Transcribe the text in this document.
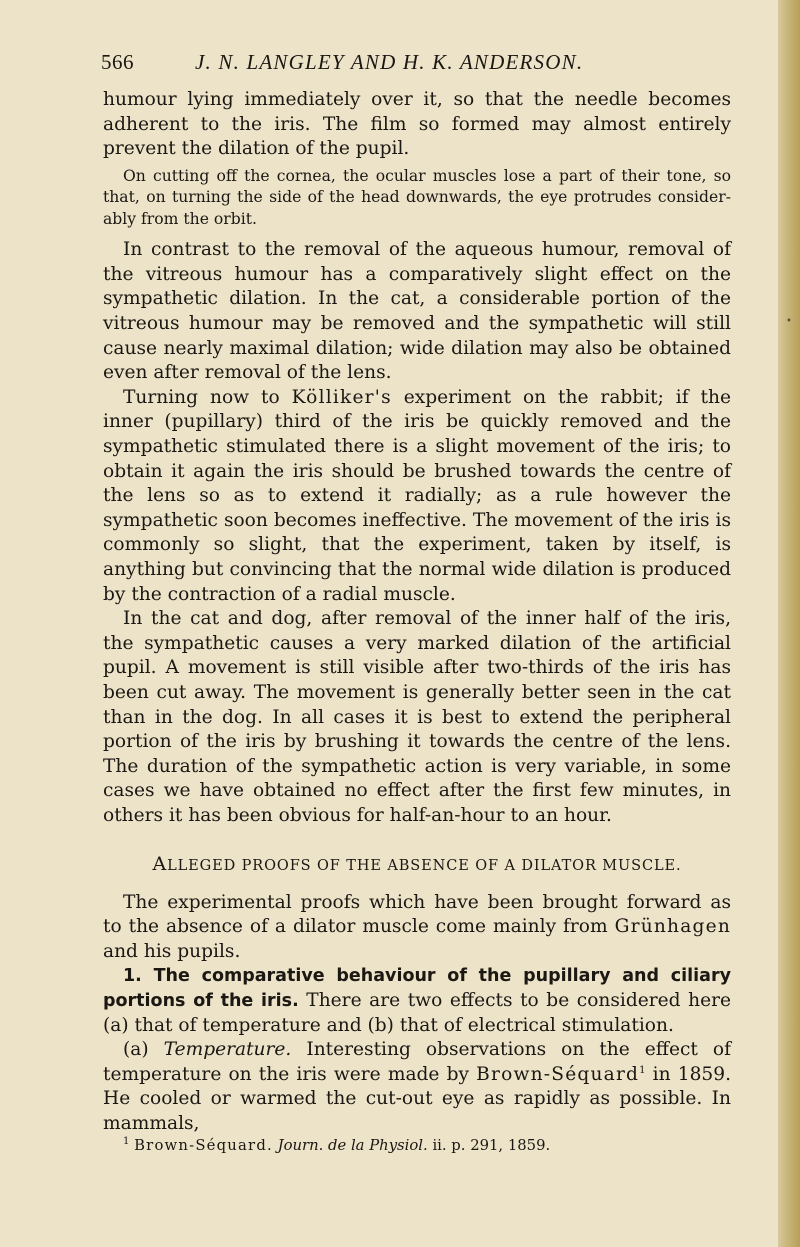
•
566	J. N. LANGLEY AND H. K. ANDERSON.

humour lying immediately over it, so that the needle becomes adherent to the iris. The film so formed may almost entirely prevent the dilation of the pupil.

On cutting off the cornea, the ocular muscles lose a part of their tone, so that, on turning the side of the head downwards, the eye protrudes considerably from the orbit.

In contrast to the removal of the aqueous humour, removal of the vitreous humour has a comparatively slight effect on the sympathetic dilation. In the cat, a considerable portion of the vitreous humour may be removed and the sympathetic will still cause nearly maximal dilation; wide dilation may also be obtained even after removal of the lens.

Turning now to Kölliker's experiment on the rabbit; if the inner (pupillary) third of the iris be quickly removed and the sympathetic stimulated there is a slight movement of the iris; to obtain it again the iris should be brushed towards the centre of the lens so as to extend it radially; as a rule however the sympathetic soon becomes ineffective. The movement of the iris is commonly so slight, that the experiment, taken by itself, is anything but convincing that the normal wide dilation is produced by the contraction of a radial muscle.

In the cat and dog, after removal of the inner half of the iris, the sympathetic causes a very marked dilation of the artificial pupil. A movement is still visible after two-thirds of the iris has been cut away. The movement is generally better seen in the cat than in the dog. In all cases it is best to extend the peripheral portion of the iris by brushing it towards the centre of the lens. The duration of the sympathetic action is very variable, in some cases we have obtained no effect after the first few minutes, in others it has been obvious for half-an-hour to an hour.

ALLEGED PROOFS OF THE ABSENCE OF A DILATOR MUSCLE.

The experimental proofs which have been brought forward as to the absence of a dilator muscle come mainly from Grünhagen and his pupils.

1. The comparative behaviour of the pupillary and ciliary portions of the iris. There are two effects to be considered here (a) that of temperature and (b) that of electrical stimulation.

(a) Temperature. Interesting observations on the effect of temperature on the iris were made by Brown-Séquard$^1$ in 1859. He cooled or warmed the cut-out eye as rapidly as possible. In mammals,

$^1$ Brown-Séquard. Journ. de la Physiol. ii. p. 291, 1859.
